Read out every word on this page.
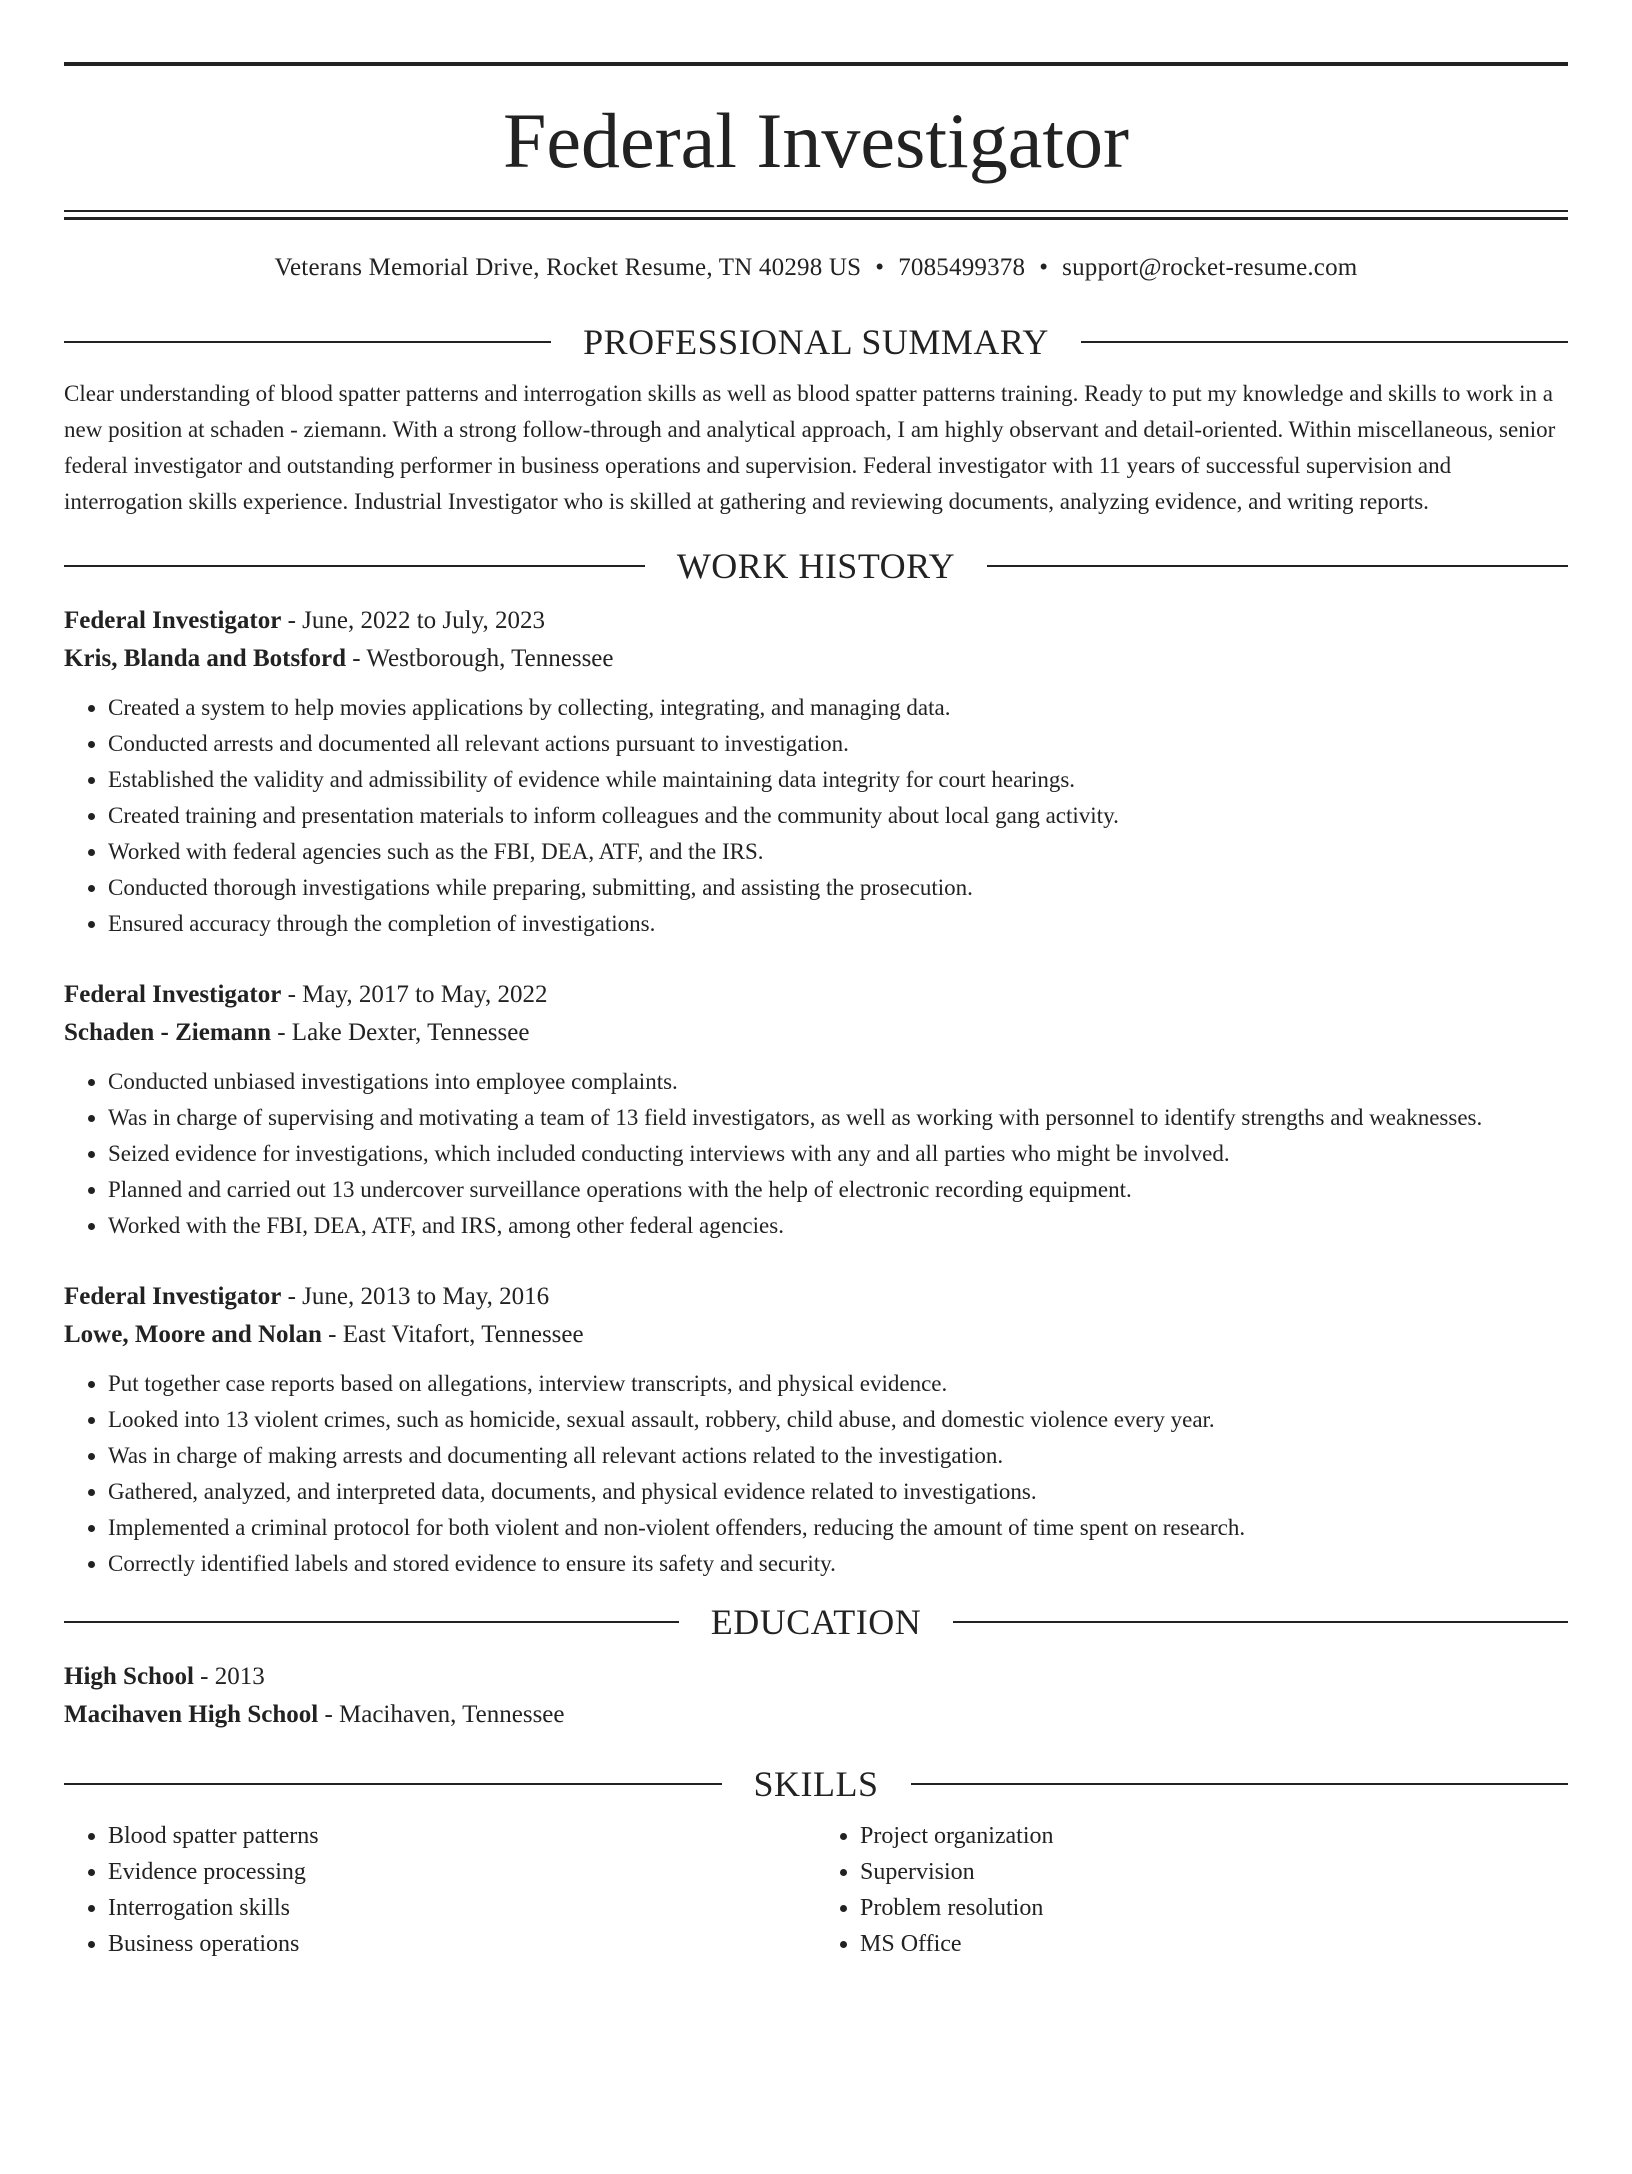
Federal Investigator
Veterans Memorial Drive, Rocket Resume, TN 40298 US • 7085499378 • support@rocket-resume.com
PROFESSIONAL SUMMARY

Clear understanding of blood spatter patterns and interrogation skills as well as blood spatter patterns training. Ready to put my knowledge and skills to work in a new position at schaden - ziemann. With a strong follow-through and analytical approach, I am highly observant and detail-oriented. Within miscellaneous, senior federal investigator and outstanding performer in business operations and supervision. Federal investigator with 11 years of successful supervision and interrogation skills experience. Industrial Investigator who is skilled at gathering and reviewing documents, analyzing evidence, and writing reports.

WORK HISTORY

Federal Investigator - June, 2022 to July, 2023

Kris, Blanda and Botsford - Westborough, Tennessee

• Created a system to help movies applications by collecting, integrating, and managing data.
• Conducted arrests and documented all relevant actions pursuant to investigation.
• Established the validity and admissibility of evidence while maintaining data integrity for court hearings.
• Created training and presentation materials to inform colleagues and the community about local gang activity.
• Worked with federal agencies such as the FBI, DEA, ATF, and the IRS.
• Conducted thorough investigations while preparing, submitting, and assisting the prosecution.
• Ensured accuracy through the completion of investigations.

Federal Investigator - May, 2017 to May, 2022

Schaden - Ziemann - Lake Dexter, Tennessee

• Conducted unbiased investigations into employee complaints.
• Was in charge of supervising and motivating a team of 13 field investigators, as well as working with personnel to identify strengths and weaknesses.
• Seized evidence for investigations, which included conducting interviews with any and all parties who might be involved.
• Planned and carried out 13 undercover surveillance operations with the help of electronic recording equipment.
• Worked with the FBI, DEA, ATF, and IRS, among other federal agencies.

Federal Investigator - June, 2013 to May, 2016

Lowe, Moore and Nolan - East Vitafort, Tennessee

• Put together case reports based on allegations, interview transcripts, and physical evidence.
• Looked into 13 violent crimes, such as homicide, sexual assault, robbery, child abuse, and domestic violence every year.
• Was in charge of making arrests and documenting all relevant actions related to the investigation.
• Gathered, analyzed, and interpreted data, documents, and physical evidence related to investigations.
• Implemented a criminal protocol for both violent and non-violent offenders, reducing the amount of time spent on research.
• Correctly identified labels and stored evidence to ensure its safety and security.
EDUCATION

High School - 2013

Macihaven High School - Macihaven, Tennessee

SKILLS
• Blood spatter patterns
• Evidence processing
• Interrogation skills
• Business operations
• Project organization
• Supervision
• Problem resolution
• MS Office
